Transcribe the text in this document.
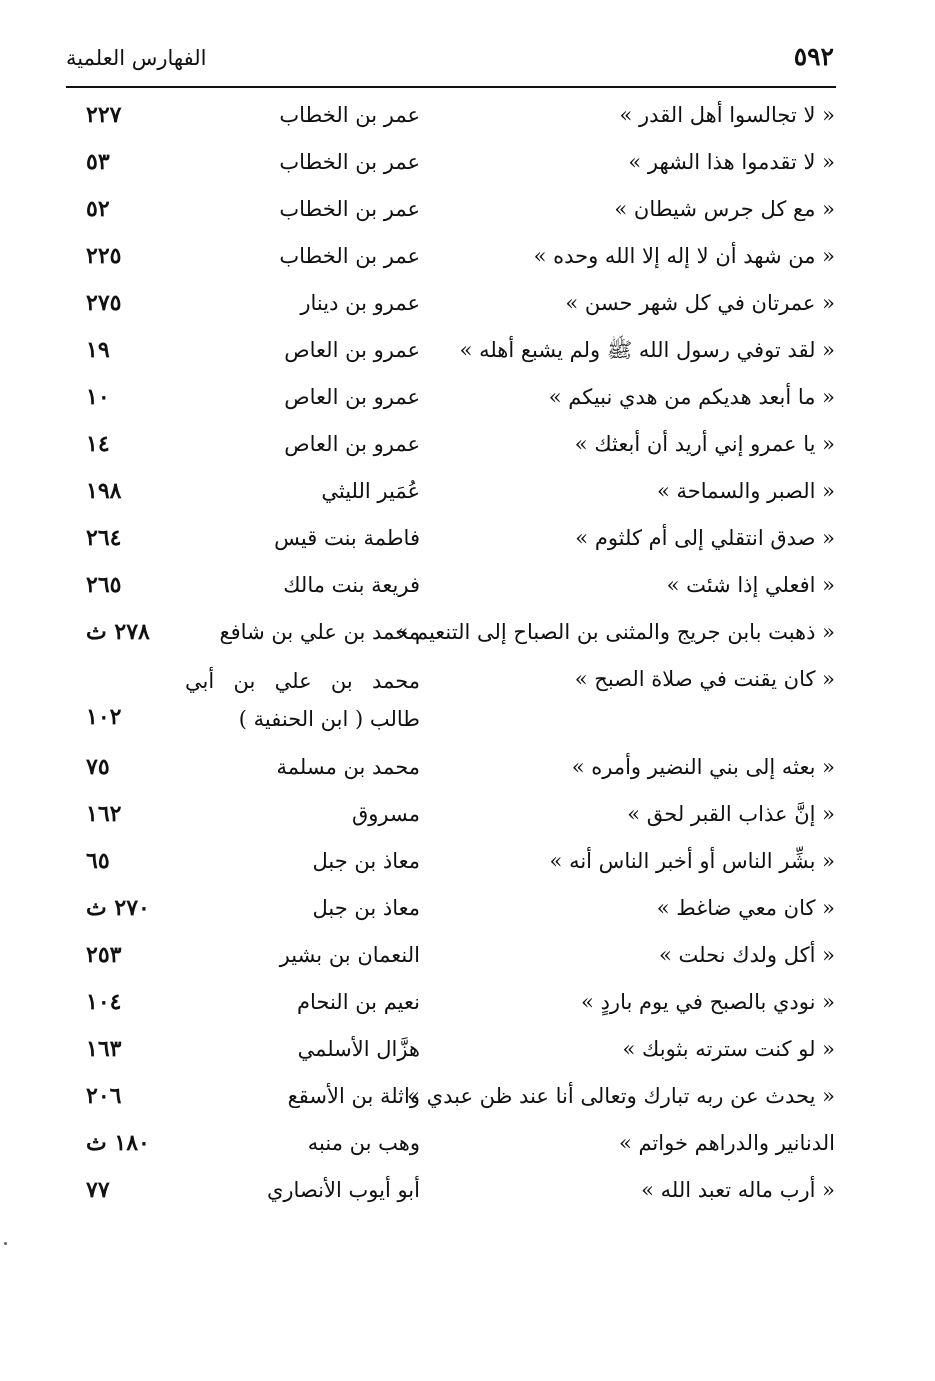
الفهارس العلمية	٥٩٢
« لا تجالسوا أهل القدر »
عمر بن الخطاب
٢٢٧
« لا تقدموا هذا الشهر »
عمر بن الخطاب
٥٣
« مع كل جرس شيطان »
عمر بن الخطاب
٥٢
« من شهد أن لا إله إلا الله وحده »
عمر بن الخطاب
٢٢٥
« عمرتان في كل شهر حسن »
عمرو بن دينار
٢٧٥
« لقد توفي رسول الله ﷺ ولم يشبع أهله »
عمرو بن العاص
١٩
« ما أبعد هديكم من هدي نبيكم »
عمرو بن العاص
١٠
« يا عمرو إني أريد أن أبعثك »
عمرو بن العاص
١٤
« الصبر والسماحة »
عُمَير الليثي
١٩٨
« صدق انتقلي إلى أم كلثوم »
فاطمة بنت قيس
٢٦٤
« افعلي إذا شئت »
فريعة بنت مالك
٢٦٥
« ذهبت بابن جريج والمثنى بن الصباح إلى التنعيم »
محمد بن علي بن شافع
٢٧٨ ث
« كان يقنت في صلاة الصبح »
محمد بن علي بن أبي طالب ( ابن الحنفية )
١٠٢
« بعثه إلى بني النضير وأمره »
محمد بن مسلمة
٧٥
« إنَّ عذاب القبر لحق »
مسروق
١٦٢
« بشِّر الناس أو أخبر الناس أنه »
معاذ بن جبل
٦٥
« كان معي ضاغط »
معاذ بن جبل
٢٧٠ ث
« أكل ولدك نحلت »
النعمان بن بشير
٢٥٣
« نودي بالصبح في يوم باردٍ »
نعيم بن النحام
١٠٤
« لو كنت سترته بثوبك »
هزَّال الأسلمي
١٦٣
« يحدث عن ربه تبارك وتعالى أنا عند ظن عبدي »
واثلة بن الأسقع
٢٠٦
الدنانير والدراهم خواتم »
وهب بن منبه
١٨٠ ث
« أرب ماله تعبد الله »
أبو أيوب الأنصاري
٧٧
